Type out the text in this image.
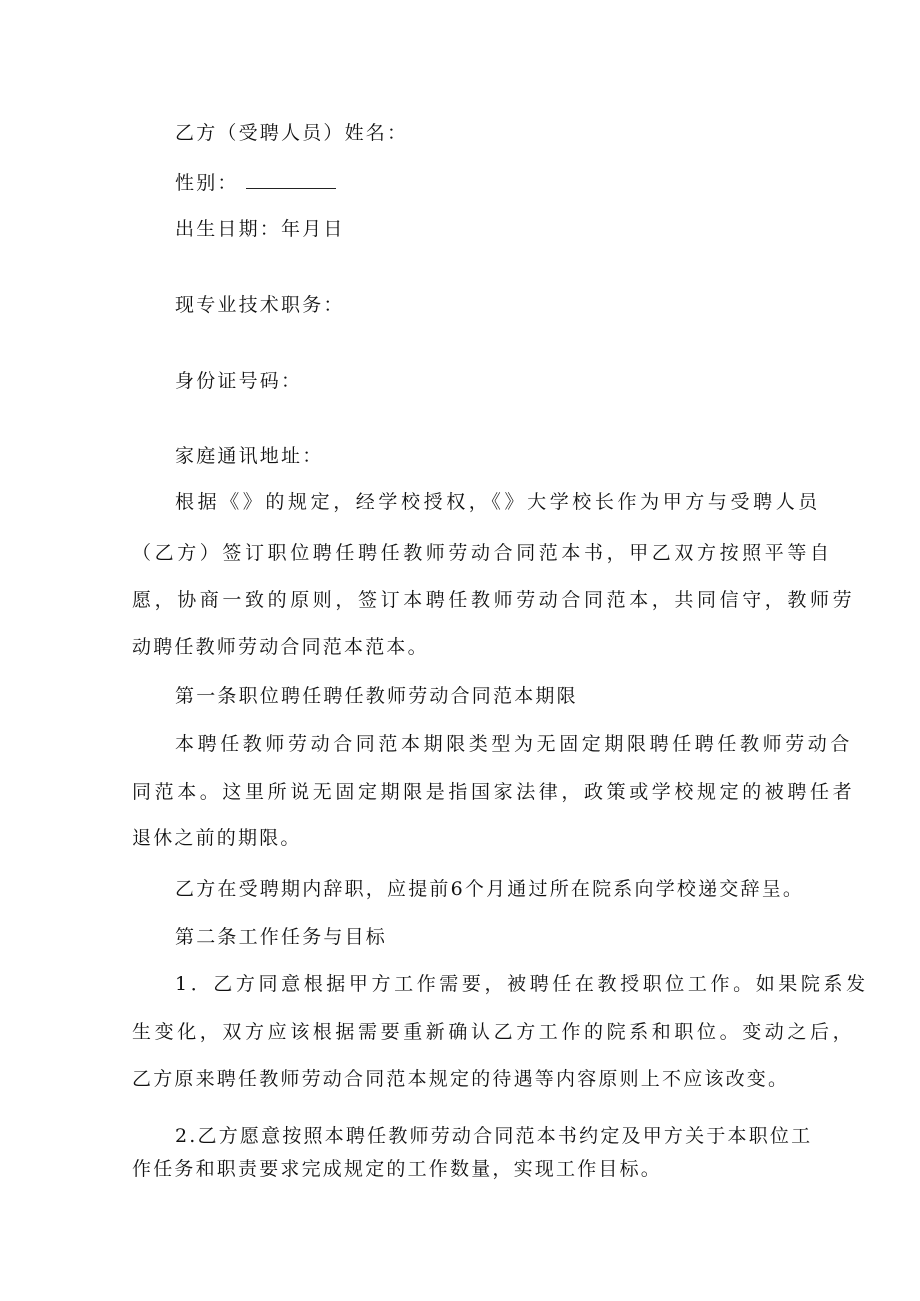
乙方（受聘人员）姓名：
性别：
出生日期：年月日
现专业技术职务：
身份证号码：
家庭通讯地址：
根据《》的规定，经学校授权，《》大学校长作为甲方与受聘人员
（乙方）签订职位聘任聘任教师劳动合同范本书，甲乙双方按照平等自
愿，协商一致的原则，签订本聘任教师劳动合同范本，共同信守，教师劳
动聘任教师劳动合同范本范本。
第一条职位聘任聘任教师劳动合同范本期限
本聘任教师劳动合同范本期限类型为无固定期限聘任聘任教师劳动合
同范本。这里所说无固定期限是指国家法律，政策或学校规定的被聘任者
退休之前的期限。
乙方在受聘期内辞职，应提前6个月通过所在院系向学校递交辞呈。
第二条工作任务与目标
1．乙方同意根据甲方工作需要，被聘任在教授职位工作。如果院系发
生变化，双方应该根据需要重新确认乙方工作的院系和职位。变动之后，
乙方原来聘任教师劳动合同范本规定的待遇等内容原则上不应该改变。
2.乙方愿意按照本聘任教师劳动合同范本书约定及甲方关于本职位工
作任务和职责要求完成规定的工作数量，实现工作目标。
